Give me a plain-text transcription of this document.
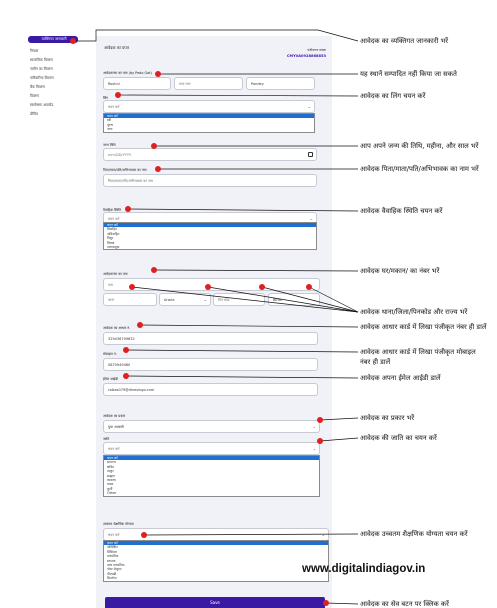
व्यक्तिगत जानकारी
निवास
सामाजिक विवरण
जमीन का विवरण
पारिवारिक विवरण
बैंक विवरण
विवरण
स्वघोषणा अपलोड
प्रीविव
आवेदक का प्रपत्र	पंजीकरण संख्या
CMYVA0928868853
आवेदकगण का नाम (by Pedo Gat)
Roshni	मध्य नाम	Pandey
लिंग
चयन करें	⌄
चयन करें
स्त्री
पुरुष
अन्य
जन्म तिथि
mm/DD/YYYY
पिता/माता/पति/अभिभावक का नाम
पिता/माता/पति/अभिभावक का नाम
वैवाहिक स्थिति
चयन करें	⌄
चयन करें
विवाहित
अविवाहित
विधुर
विधवा
तलाकशुदा
आवेदकगण का पता
पता
थाना	Araria	⌄	पिन कोड	Bihar	⌄
आवेदक का आधार नं.
329436709632
मोबाइल नं.
0870949460
ईमेल आईडी
raikas079@dinesingo.com
आवेदक का प्रकार
युवा आवासी	⌄
जाति
चयन करें	⌄
चयन करें
सामान्य
क्षत्रिय
ठाकुर
ब्राह्मण
कायस्थ
यादव
कुर्मी
Other
उच्चतम शैक्षणिक योग्यता
चयन करें	⌄
चयन करें
अशिक्षित
प्रिंसिपल
माध्यमिक
स्नातक
उच्च माध्यमिक
पोस्ट ग्रेजुएट
पीएचडी
डिप्लोमा
Save
आवेदक का व्यक्तिगत जानकारी भरें
यह स्थानें सम्पादित नहीं किया जा सकते
आवेदक का लिंग चयन करें
आप अपने जन्म की तिथि, महीना, और साल भरें
आवेदक पिता/माता/पति/अभिभावक का नाम भरें
आवेदक वैवाहिक स्थिति चयन करें
आवेदक घर/मकान/ का नंबर भरें
आवेदक थाना/जिला/पिनकोड और राज्य भरें
आवेदक आधार कार्ड में लिखा पंजीकृत नंबर ही डालें
आवेदक आधार कार्ड में लिखा पंजीकृत मोबाइल
नंबर ही डालें
आवेदक अपना ईमेल आईडी डालें
आवेदक का प्रकार भरें
आवेदक की जाति का चयन करें
आवेदक उच्चतम शैक्षणिक योग्यता चयन करें
आवेदक का सेव बटन पर क्लिक करें
www.digitalindiagov.in
